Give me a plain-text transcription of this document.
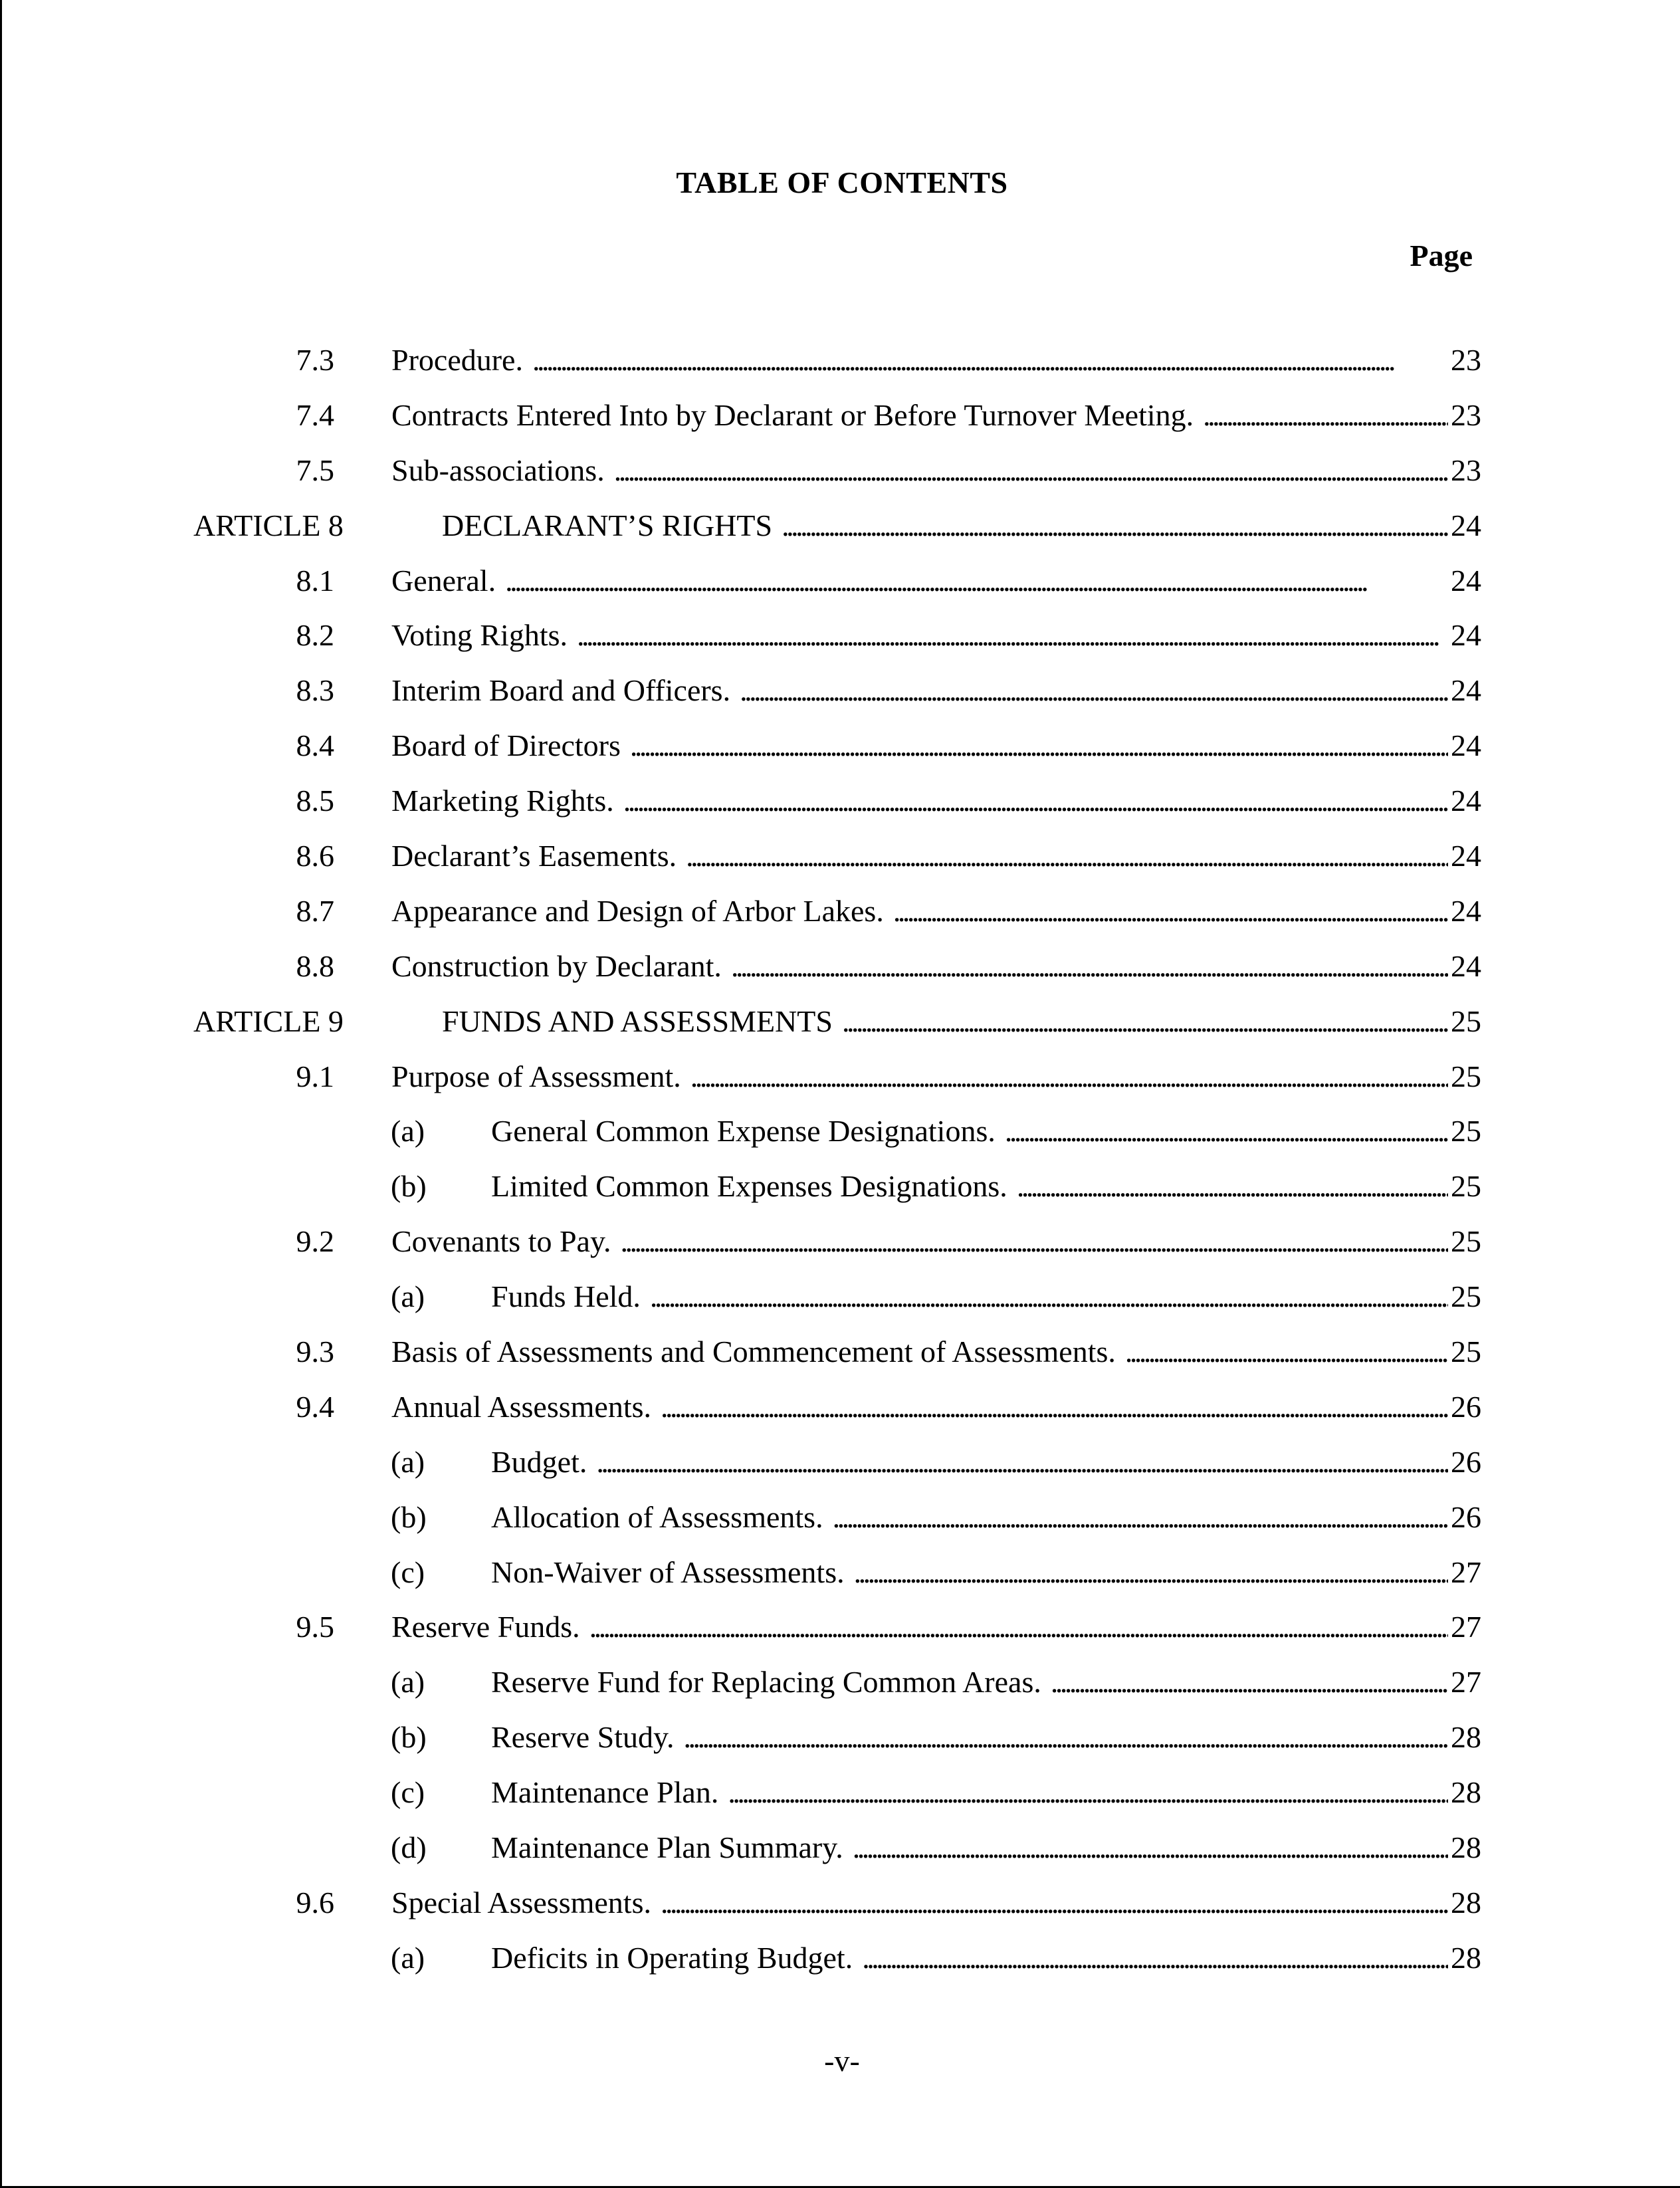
TABLE OF CONTENTS
Page
7.3 Procedure. . . .	23
7.4 Contracts Entered Into by Declarant or Before Turnover Meeting. . . .	23
7.5 Sub-associations. . . .	23
ARTICLE 8	DECLARANT’S RIGHTS . . .	24
8.1 General. . . .	24
8.2 Voting Rights. . . .	24
8.3 Interim Board and Officers. . . .	24
8.4 Board of Directors . . .	24
8.5 Marketing Rights. . . .	24
8.6 Declarant’s Easements. . . .	24
8.7 Appearance and Design of Arbor Lakes. . . .	24
8.8 Construction by Declarant. . . .	24
ARTICLE 9	FUNDS AND ASSESSMENTS . . .	25
9.1 Purpose of Assessment. . . .	25
(a) General Common Expense Designations. . . .	25
(b) Limited Common Expenses Designations. . . .	25
9.2 Covenants to Pay. . . .	25
(a) Funds Held. . . .	25
9.3 Basis of Assessments and Commencement of Assessments. . . .	25
9.4 Annual Assessments. . . .	26
(a) Budget. . . .	26
(b) Allocation of Assessments. . . .	26
(c) Non-Waiver of Assessments. . . .	27
9.5 Reserve Funds. . . .	27
(a) Reserve Fund for Replacing Common Areas. . . .	27
(b) Reserve Study. . . .	28
(c) Maintenance Plan. . . .	28
(d) Maintenance Plan Summary. . . .	28
9.6 Special Assessments. . . .	28
(a) Deficits in Operating Budget. . . .	28
-v-
